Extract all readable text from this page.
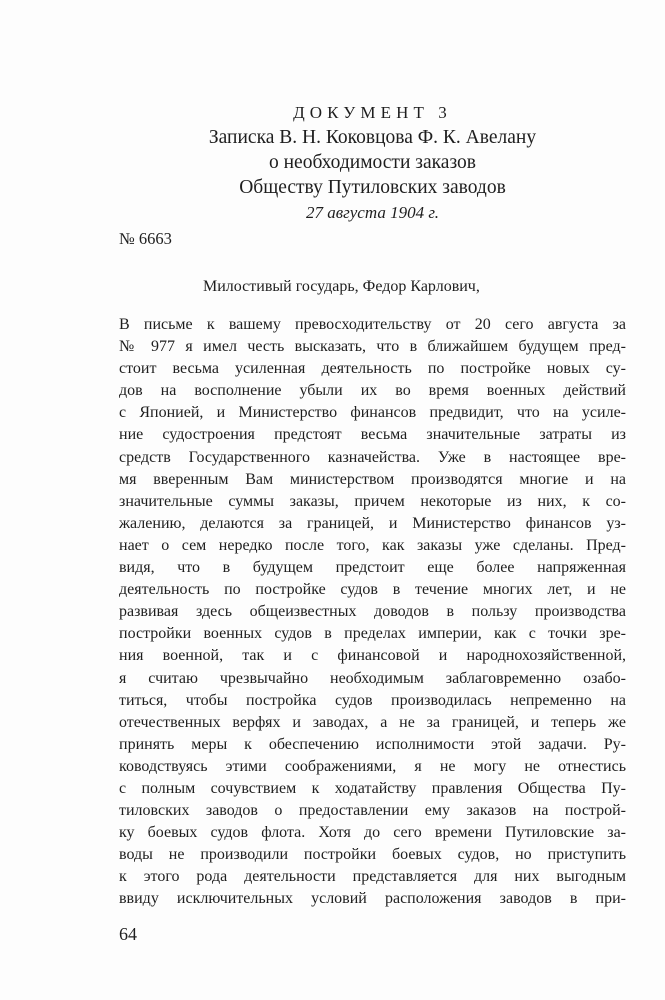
ДОКУМЕНТ 3
Записка В. Н. Коковцова Ф. К. Авелану
о необходимости заказов
Обществу Путиловских заводов
27 августа 1904 г.
№ 6663
Милостивый государь, Федор Карлович,
В письме к вашему превосходительству от 20 сего августа за
№ 977 я имел честь высказать, что в ближайшем будущем пред-
стоит весьма усиленная деятельность по постройке новых су-
дов на восполнение убыли их во время военных действий
с Японией, и Министерство финансов предвидит, что на усиле-
ние судостроения предстоят весьма значительные затраты из
средств Государственного казначейства. Уже в настоящее вре-
мя вверенным Вам министерством производятся многие и на
значительные суммы заказы, причем некоторые из них, к со-
жалению, делаются за границей, и Министерство финансов уз-
нает о сем нередко после того, как заказы уже сделаны. Пред-
видя, что в будущем предстоит еще более напряженная
деятельность по постройке судов в течение многих лет, и не
развивая здесь общеизвестных доводов в пользу производства
постройки военных судов в пределах империи, как с точки зре-
ния военной, так и с финансовой и народнохозяйственной,
я считаю чрезвычайно необходимым заблаговременно озабо-
титься, чтобы постройка судов производилась непременно на
отечественных верфях и заводах, а не за границей, и теперь же
принять меры к обеспечению исполнимости этой задачи. Ру-
ководствуясь этими соображениями, я не могу не отнестись
с полным сочувствием к ходатайству правления Общества Пу-
тиловских заводов о предоставлении ему заказов на построй-
ку боевых судов флота. Хотя до сего времени Путиловские за-
воды не производили постройки боевых судов, но приступить
к этого рода деятельности представляется для них выгодным
ввиду исключительных условий расположения заводов в при-
64
